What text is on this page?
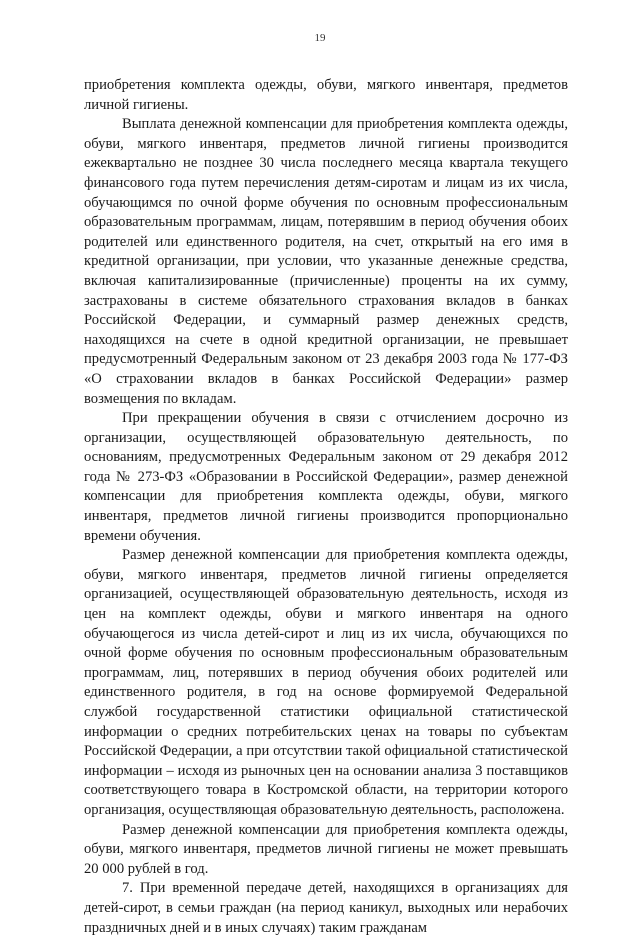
19

приобретения комплекта одежды, обуви, мягкого инвентаря, предметов личной гигиены.

Выплата денежной компенсации для приобретения комплекта одежды, обуви, мягкого инвентаря, предметов личной гигиены производится ежеквартально не позднее 30 числа последнего месяца квартала текущего финансового года путем перечисления детям-сиротам и лицам из их числа, обучающимся по очной форме обучения по основным профессиональным образовательным программам, лицам, потерявшим в период обучения обоих родителей или единственного родителя, на счет, открытый на его имя в кредитной организации, при условии, что указанные денежные средства, включая капитализированные (причисленные) проценты на их сумму, застрахованы в системе обязательного страхования вкладов в банках Российской Федерации, и суммарный размер денежных средств, находящихся на счете в одной кредитной организации, не превышает предусмотренный Федеральным законом от 23 декабря 2003 года № 177-ФЗ «О страховании вкладов в банках Российской Федерации» размер возмещения по вкладам.

При прекращении обучения в связи с отчислением досрочно из организации, осуществляющей образовательную деятельность, по основаниям, предусмотренных Федеральным законом от 29 декабря 2012 года № 273-ФЗ «Образовании в Российской Федерации», размер денежной компенсации для приобретения комплекта одежды, обуви, мягкого инвентаря, предметов личной гигиены производится пропорционально времени обучения.

Размер денежной компенсации для приобретения комплекта одежды, обуви, мягкого инвентаря, предметов личной гигиены определяется организацией, осуществляющей образовательную деятельность, исходя из цен на комплект одежды, обуви и мягкого инвентаря на одного обучающегося из числа детей-сирот и лиц из их числа, обучающихся по очной форме обучения по основным профессиональным образовательным программам, лиц, потерявших в период обучения обоих родителей или единственного родителя, в год на основе формируемой Федеральной службой государственной статистики официальной статистической информации о средних потребительских ценах на товары по субъектам Российской Федерации, а при отсутствии такой официальной статистической информации – исходя из рыночных цен на основании анализа 3 поставщиков соответствующего товара в Костромской области, на территории которого организация, осуществляющая образовательную деятельность, расположена.

Размер денежной компенсации для приобретения комплекта одежды, обуви, мягкого инвентаря, предметов личной гигиены не может превышать 20 000 рублей в год.

7. При временной передаче детей, находящихся в организациях для детей-сирот, в семьи граждан (на период каникул, выходных или нерабочих праздничных дней и в иных случаях) таким гражданам
